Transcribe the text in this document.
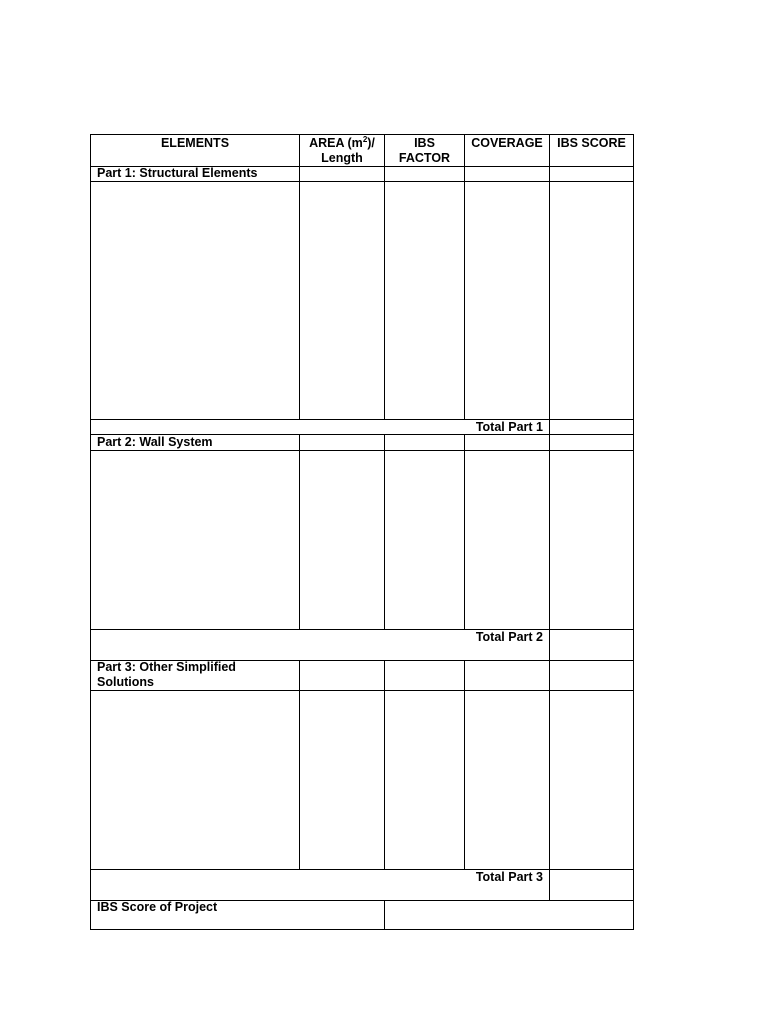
ELEMENTS	AREA $(m^2)/$
Length
IBS
FACTOR
COVERAGE	IBS SCORE
Part 1: Structural Elements
Total Part 1
Part 2: Wall System
Total Part 2
Part 3: Other Simplified
Solutions
Total Part 3
IBS Score of Project
